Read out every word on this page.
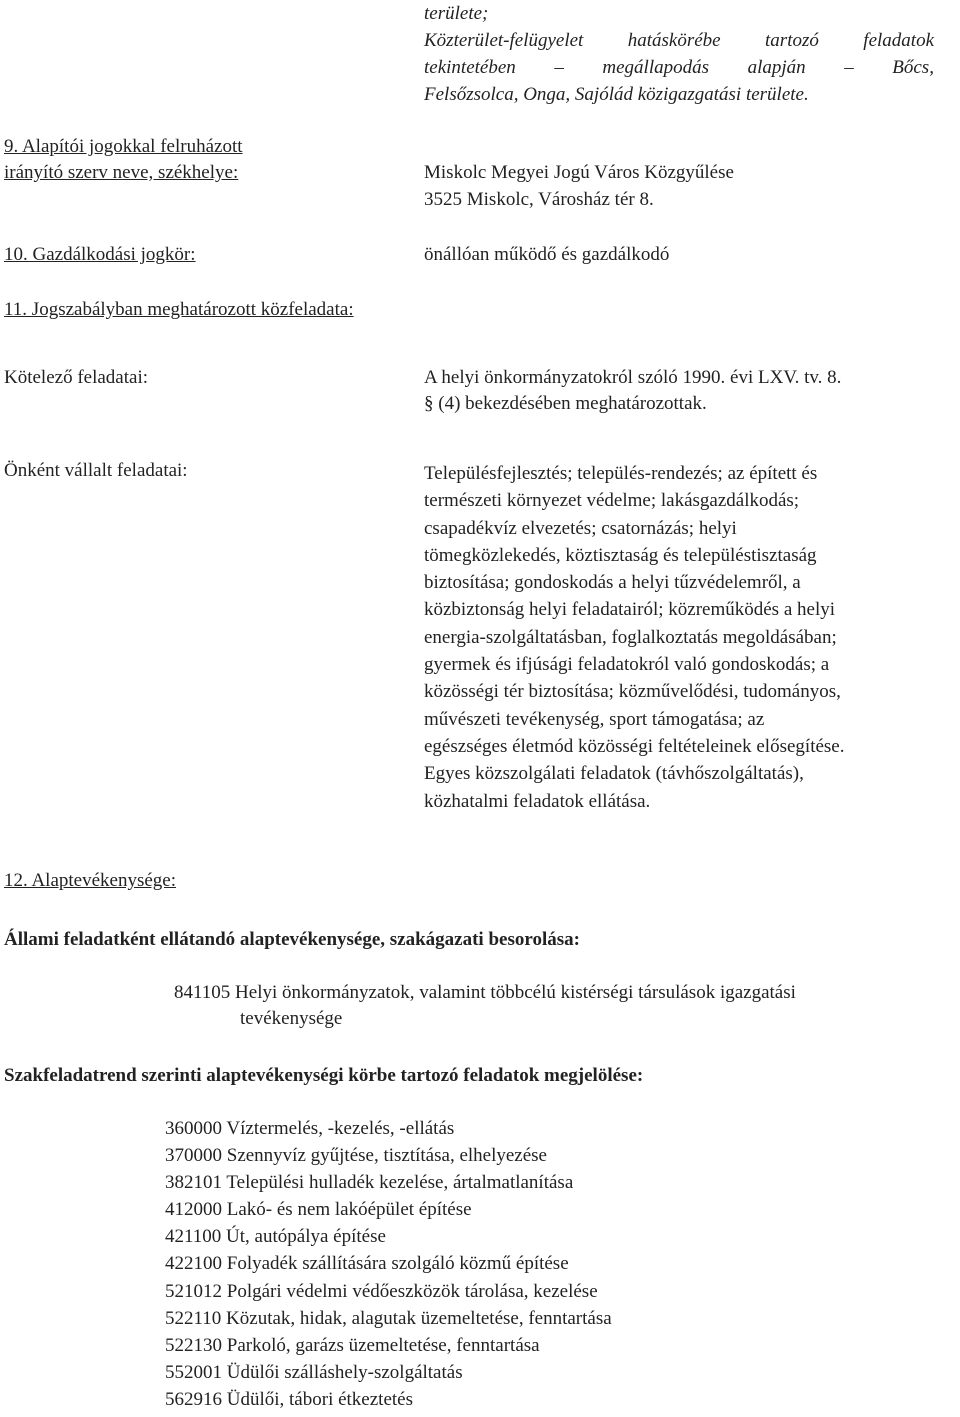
területe;
Közterület-felügyelet hatáskörébe tartozó feladatok
tekintetében – megállapodás alapján – Bőcs,
Felsőzsolca, Onga, Sajólád közigazgatási területe.
9. Alapítói jogokkal felruházott
irányító szerv neve, székhelye:	Miskolc Megyei Jogú Város Közgyűlése
3525 Miskolc, Városház tér 8.
10. Gazdálkodási jogkör:	önállóan működő és gazdálkodó
11. Jogszabályban meghatározott közfeladata:
Kötelező feladatai:	A helyi önkormányzatokról szóló 1990. évi LXV. tv. 8.
§ (4) bekezdésében meghatározottak.
Önként vállalt feladatai:	Településfejlesztés; település-rendezés; az épített és
természeti környezet védelme; lakásgazdálkodás;
csapadékvíz elvezetés; csatornázás; helyi
tömegközlekedés, köztisztaság és településtisztaság
biztosítása; gondoskodás a helyi tűzvédelemről, a
közbiztonság helyi feladatairól; közreműködés a helyi
energia-szolgáltatásban, foglalkoztatás megoldásában;
gyermek és ifjúsági feladatokról való gondoskodás; a
közösségi tér biztosítása; közművelődési, tudományos,
művészeti tevékenység, sport támogatása; az
egészséges életmód közösségi feltételeinek elősegítése.
Egyes közszolgálati feladatok (távhőszolgáltatás),
közhatalmi feladatok ellátása.
12. Alaptevékenysége:
Állami feladatként ellátandó alaptevékenysége, szakágazati besorolása:
841105 Helyi önkormányzatok, valamint többcélú kistérségi társulások igazgatási
tevékenysége
Szakfeladatrend szerinti alaptevékenységi körbe tartozó feladatok megjelölése:
360000 Víztermelés, -kezelés, -ellátás
370000 Szennyvíz gyűjtése, tisztítása, elhelyezése
382101 Települési hulladék kezelése, ártalmatlanítása
412000 Lakó- és nem lakóépület építése
421100 Út, autópálya építése
422100 Folyadék szállítására szolgáló közmű építése
521012 Polgári védelmi védőeszközök tárolása, kezelése
522110 Közutak, hidak, alagutak üzemeltetése, fenntartása
522130 Parkoló, garázs üzemeltetése, fenntartása
552001 Üdülői szálláshely-szolgáltatás
562916 Üdülői, tábori étkeztetés
